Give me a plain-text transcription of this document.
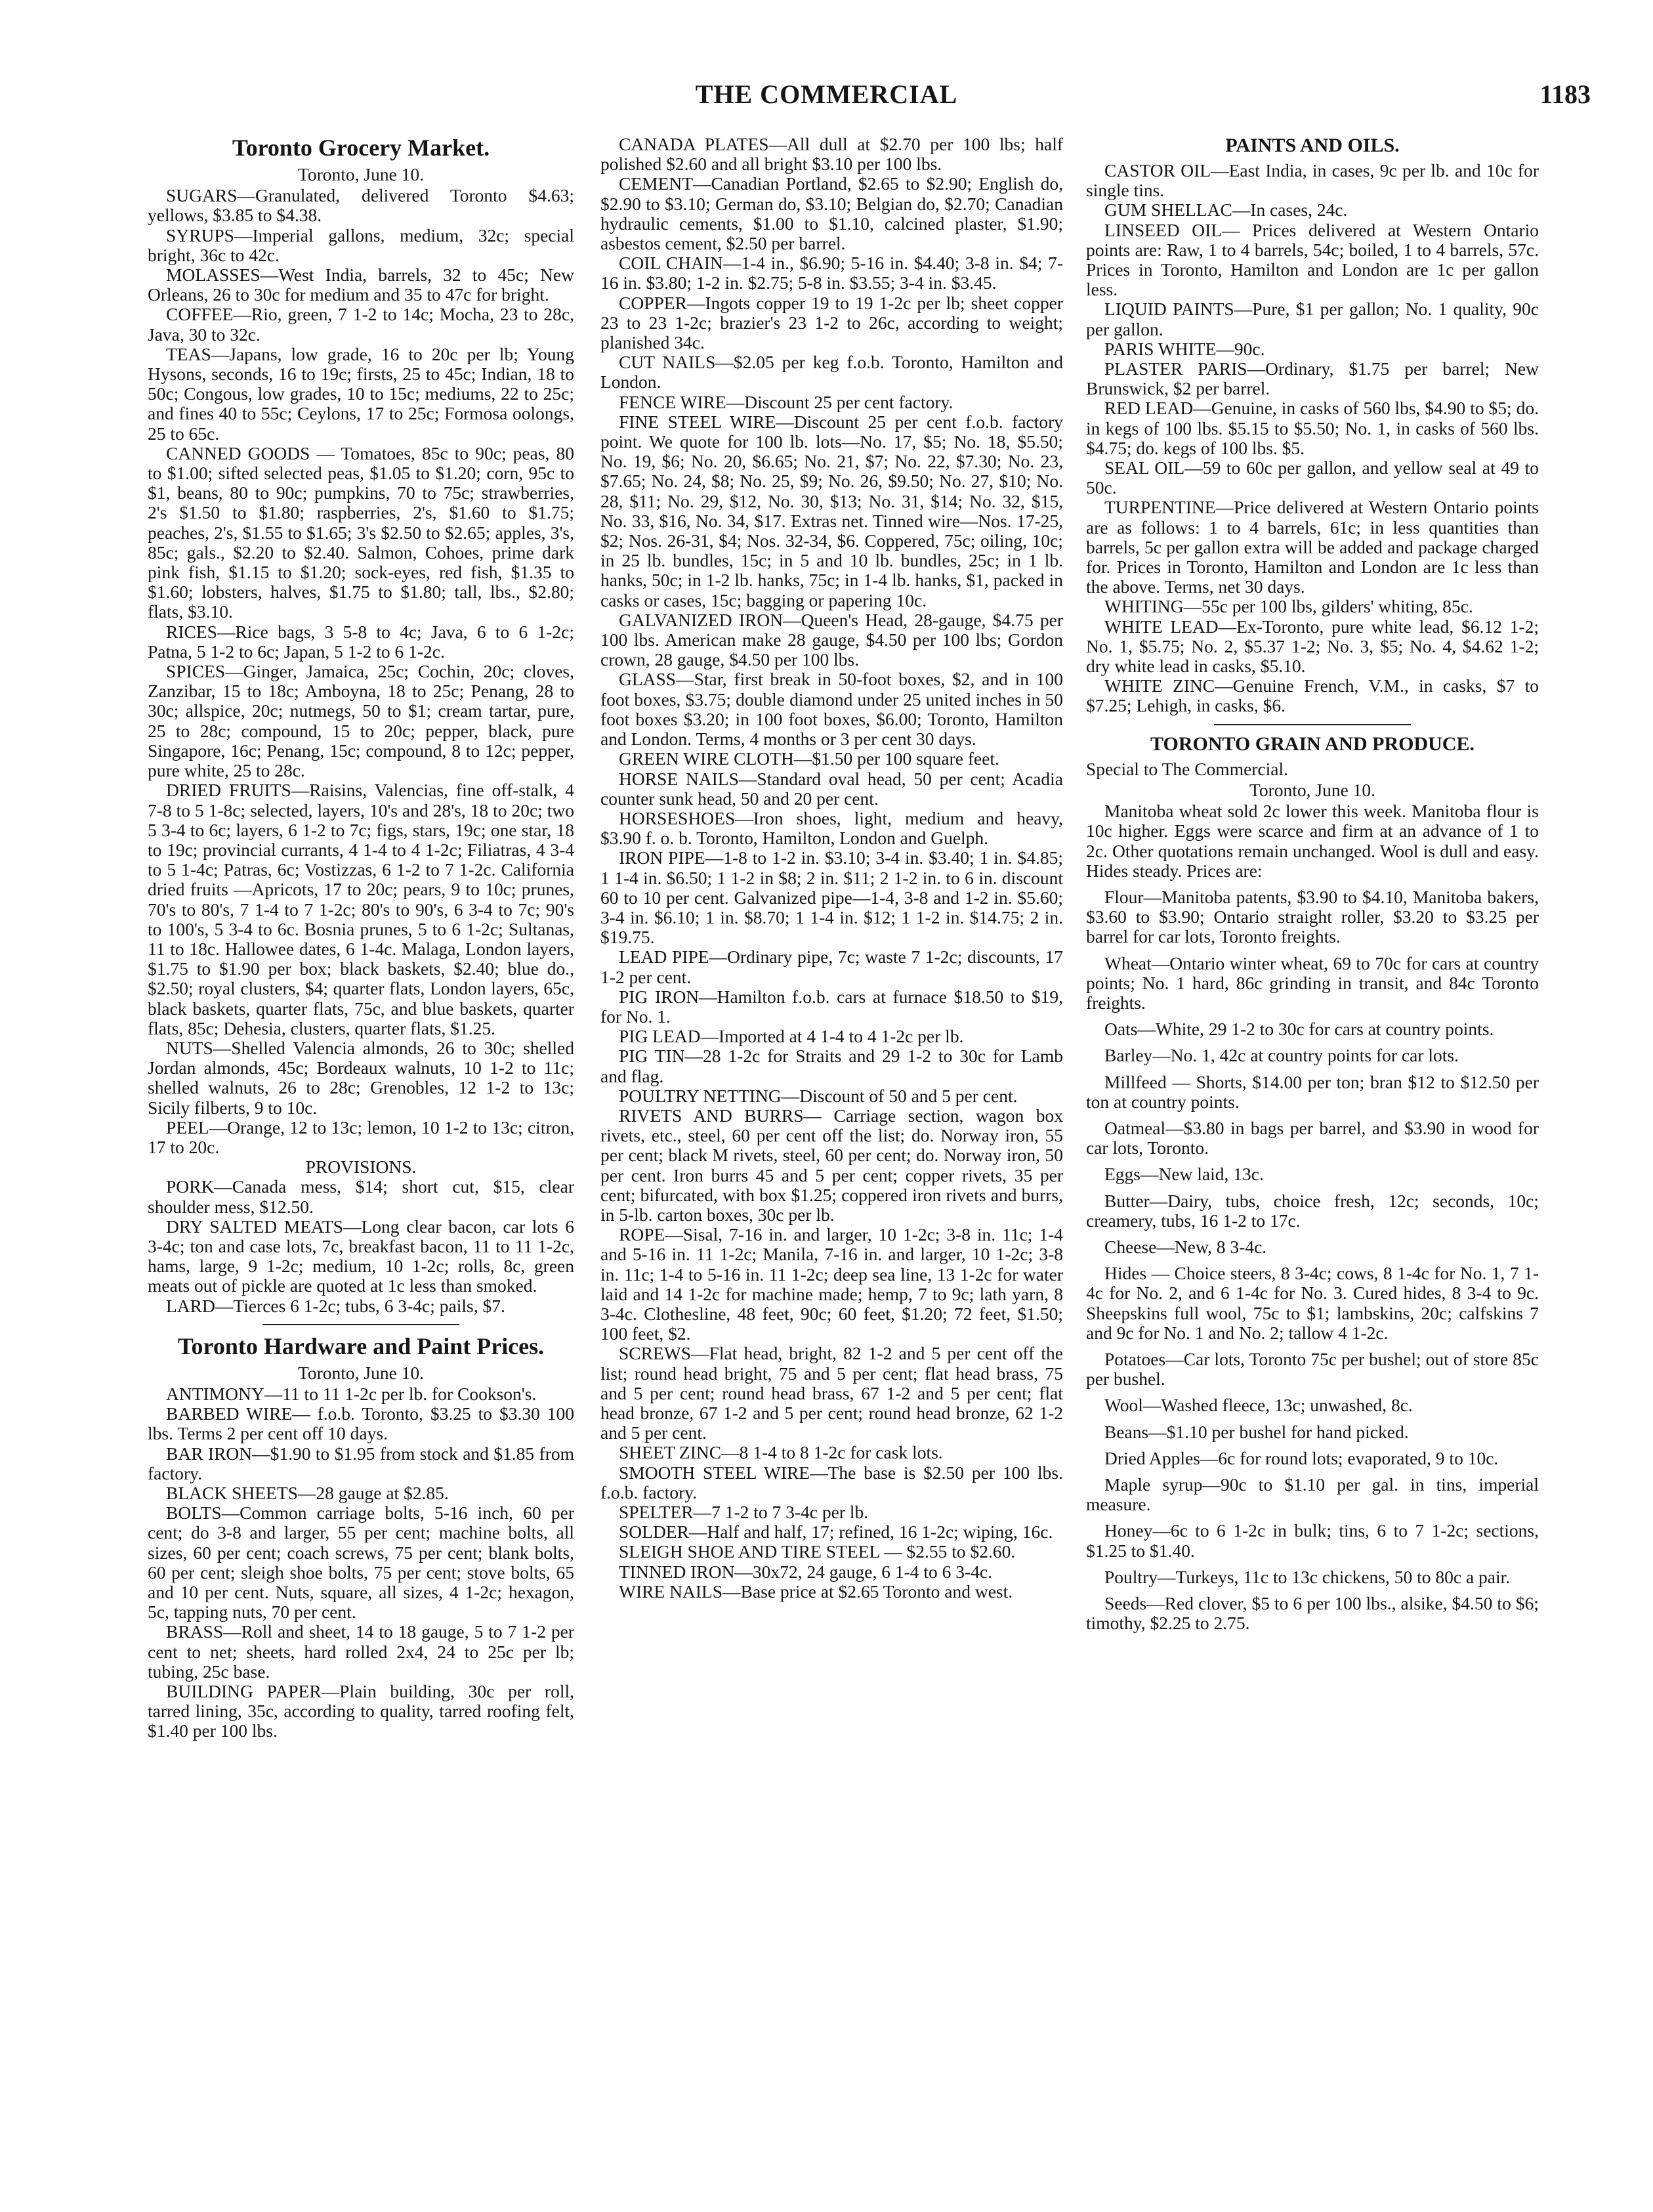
THE COMMERCIAL	1183
Toronto Grocery Market.
Toronto, June 10.

SUGARS—Granulated, delivered Toronto $4.63; yellows, $3.85 to $4.38.

SYRUPS—Imperial gallons, medium, 32c; special bright, 36c to 42c.

MOLASSES—West India, barrels, 32 to 45c; New Orleans, 26 to 30c for medium and 35 to 47c for bright.

COFFEE—Rio, green, 7 1-2 to 14c; Mocha, 23 to 28c, Java, 30 to 32c.

TEAS—Japans, low grade, 16 to 20c per lb; Young Hysons, seconds, 16 to 19c; firsts, 25 to 45c; Indian, 18 to 50c; Congous, low grades, 10 to 15c; mediums, 22 to 25c; and fines 40 to 55c; Ceylons, 17 to 25c; Formosa oolongs, 25 to 65c.

CANNED GOODS — Tomatoes, 85c to 90c; peas, 80 to $1.00; sifted selected peas, $1.05 to $1.20; corn, 95c to $1, beans, 80 to 90c; pumpkins, 70 to 75c; strawberries, 2's $1.50 to $1.80; raspberries, 2's, $1.60 to $1.75; peaches, 2's, $1.55 to $1.65; 3's $2.50 to $2.65; apples, 3's, 85c; gals., $2.20 to $2.40. Salmon, Cohoes, prime dark pink fish, $1.15 to $1.20; sock-eyes, red fish, $1.35 to $1.60; lobsters, halves, $1.75 to $1.80; tall, lbs., $2.80; flats, $3.10.

RICES—Rice bags, 3 5-8 to 4c; Java, 6 to 6 1-2c; Patna, 5 1-2 to 6c; Japan, 5 1-2 to 6 1-2c.

SPICES—Ginger, Jamaica, 25c; Cochin, 20c; cloves, Zanzibar, 15 to 18c; Amboyna, 18 to 25c; Penang, 28 to 30c; allspice, 20c; nutmegs, 50 to $1; cream tartar, pure, 25 to 28c; compound, 15 to 20c; pepper, black, pure Singapore, 16c; Penang, 15c; compound, 8 to 12c; pepper, pure white, 25 to 28c.

DRIED FRUITS—Raisins, Valencias, fine off-stalk, 4 7-8 to 5 1-8c; selected, layers, 10's and 28's, 18 to 20c; two 5 3-4 to 6c; layers, 6 1-2 to 7c; figs, stars, 19c; one star, 18 to 19c; provincial currants, 4 1-4 to 4 1-2c; Filiatras, 4 3-4 to 5 1-4c; Patras, 6c; Vostizzas, 6 1-2 to 7 1-2c. California dried fruits —Apricots, 17 to 20c; pears, 9 to 10c; prunes, 70's to 80's, 7 1-4 to 7 1-2c; 80's to 90's, 6 3-4 to 7c; 90's to 100's, 5 3-4 to 6c. Bosnia prunes, 5 to 6 1-2c; Sultanas, 11 to 18c. Hallowee dates, 6 1-4c. Malaga, London layers, $1.75 to $1.90 per box; black baskets, $2.40; blue do., $2.50; royal clusters, $4; quarter flats, London layers, 65c, black baskets, quarter flats, 75c, and blue baskets, quarter flats, 85c; Dehesia, clusters, quarter flats, $1.25.

NUTS—Shelled Valencia almonds, 26 to 30c; shelled Jordan almonds, 45c; Bordeaux walnuts, 10 1-2 to 11c; shelled walnuts, 26 to 28c; Grenobles, 12 1-2 to 13c; Sicily filberts, 9 to 10c.

PEEL—Orange, 12 to 13c; lemon, 10 1-2 to 13c; citron, 17 to 20c.

PROVISIONS.

PORK—Canada mess, $14; short cut, $15, clear shoulder mess, $12.50.

DRY SALTED MEATS—Long clear bacon, car lots 6 3-4c; ton and case lots, 7c, breakfast bacon, 11 to 11 1-2c, hams, large, 9 1-2c; medium, 10 1-2c; rolls, 8c, green meats out of pickle are quoted at 1c less than smoked.

LARD—Tierces 6 1-2c; tubs, 6 3-4c; pails, $7.

Toronto Hardware and Paint Prices.
Toronto, June 10.

ANTIMONY—11 to 11 1-2c per lb. for Cookson's.

BARBED WIRE— f.o.b. Toronto, $3.25 to $3.30 100 lbs. Terms 2 per cent off 10 days.

BAR IRON—$1.90 to $1.95 from stock and $1.85 from factory.

BLACK SHEETS—28 gauge at $2.85.

BOLTS—Common carriage bolts, 5-16 inch, 60 per cent; do 3-8 and larger, 55 per cent; machine bolts, all sizes, 60 per cent; coach screws, 75 per cent; blank bolts, 60 per cent; sleigh shoe bolts, 75 per cent; stove bolts, 65 and 10 per cent. Nuts, square, all sizes, 4 1-2c; hexagon, 5c, tapping nuts, 70 per cent.

BRASS—Roll and sheet, 14 to 18 gauge, 5 to 7 1-2 per cent to net; sheets, hard rolled 2x4, 24 to 25c per lb; tubing, 25c base.

BUILDING PAPER—Plain building, 30c per roll, tarred lining, 35c, according to quality, tarred roofing felt, $1.40 per 100 lbs.

CANADA PLATES—All dull at $2.70 per 100 lbs; half polished $2.60 and all bright $3.10 per 100 lbs.

CEMENT—Canadian Portland, $2.65 to $2.90; English do, $2.90 to $3.10; German do, $3.10; Belgian do, $2.70; Canadian hydraulic cements, $1.00 to $1.10, calcined plaster, $1.90; asbestos cement, $2.50 per barrel.

COIL CHAIN—1-4 in., $6.90; 5-16 in. $4.40; 3-8 in. $4; 7-16 in. $3.80; 1-2 in. $2.75; 5-8 in. $3.55; 3-4 in. $3.45.

COPPER—Ingots copper 19 to 19 1-2c per lb; sheet copper 23 to 23 1-2c; brazier's 23 1-2 to 26c, according to weight; planished 34c.

CUT NAILS—$2.05 per keg f.o.b. Toronto, Hamilton and London.

FENCE WIRE—Discount 25 per cent factory.

FINE STEEL WIRE—Discount 25 per cent f.o.b. factory point. We quote for 100 lb. lots—No. 17, $5; No. 18, $5.50; No. 19, $6; No. 20, $6.65; No. 21, $7; No. 22, $7.30; No. 23, $7.65; No. 24, $8; No. 25, $9; No. 26, $9.50; No. 27, $10; No. 28, $11; No. 29, $12, No. 30, $13; No. 31, $14; No. 32, $15, No. 33, $16, No. 34, $17. Extras net. Tinned wire—Nos. 17-25, $2; Nos. 26-31, $4; Nos. 32-34, $6. Coppered, 75c; oiling, 10c; in 25 lb. bundles, 15c; in 5 and 10 lb. bundles, 25c; in 1 lb. hanks, 50c; in 1-2 lb. hanks, 75c; in 1-4 lb. hanks, $1, packed in casks or cases, 15c; bagging or papering 10c.

GALVANIZED IRON—Queen's Head, 28-gauge, $4.75 per 100 lbs. American make 28 gauge, $4.50 per 100 lbs; Gordon crown, 28 gauge, $4.50 per 100 lbs.

GLASS—Star, first break in 50-foot boxes, $2, and in 100 foot boxes, $3.75; double diamond under 25 united inches in 50 foot boxes $3.20; in 100 foot boxes, $6.00; Toronto, Hamilton and London. Terms, 4 months or 3 per cent 30 days.

GREEN WIRE CLOTH—$1.50 per 100 square feet.

HORSE NAILS—Standard oval head, 50 per cent; Acadia counter sunk head, 50 and 20 per cent.

HORSESHOES—Iron shoes, light, medium and heavy, $3.90 f. o. b. Toronto, Hamilton, London and Guelph.

IRON PIPE—1-8 to 1-2 in. $3.10; 3-4 in. $3.40; 1 in. $4.85; 1 1-4 in. $6.50; 1 1-2 in $8; 2 in. $11; 2 1-2 in. to 6 in. discount 60 to 10 per cent. Galvanized pipe—1-4, 3-8 and 1-2 in. $5.60; 3-4 in. $6.10; 1 in. $8.70; 1 1-4 in. $12; 1 1-2 in. $14.75; 2 in. $19.75.

LEAD PIPE—Ordinary pipe, 7c; waste 7 1-2c; discounts, 17 1-2 per cent.

PIG IRON—Hamilton f.o.b. cars at furnace $18.50 to $19, for No. 1.

PIG LEAD—Imported at 4 1-4 to 4 1-2c per lb.

PIG TIN—28 1-2c for Straits and 29 1-2 to 30c for Lamb and flag.

POULTRY NETTING—Discount of 50 and 5 per cent.

RIVETS AND BURRS— Carriage section, wagon box rivets, etc., steel, 60 per cent off the list; do. Norway iron, 55 per cent; black M rivets, steel, 60 per cent; do. Norway iron, 50 per cent. Iron burrs 45 and 5 per cent; copper rivets, 35 per cent; bifurcated, with box $1.25; coppered iron rivets and burrs, in 5-lb. carton boxes, 30c per lb.

ROPE—Sisal, 7-16 in. and larger, 10 1-2c; 3-8 in. 11c; 1-4 and 5-16 in. 11 1-2c; Manila, 7-16 in. and larger, 10 1-2c; 3-8 in. 11c; 1-4 to 5-16 in. 11 1-2c; deep sea line, 13 1-2c for water laid and 14 1-2c for machine made; hemp, 7 to 9c; lath yarn, 8 3-4c. Clothesline, 48 feet, 90c; 60 feet, $1.20; 72 feet, $1.50; 100 feet, $2.

SCREWS—Flat head, bright, 82 1-2 and 5 per cent off the list; round head bright, 75 and 5 per cent; flat head brass, 75 and 5 per cent; round head brass, 67 1-2 and 5 per cent; flat head bronze, 67 1-2 and 5 per cent; round head bronze, 62 1-2 and 5 per cent.

SHEET ZINC—8 1-4 to 8 1-2c for cask lots.

SMOOTH STEEL WIRE—The base is $2.50 per 100 lbs. f.o.b. factory.

SPELTER—7 1-2 to 7 3-4c per lb.

SOLDER—Half and half, 17; refined, 16 1-2c; wiping, 16c.

SLEIGH SHOE AND TIRE STEEL — $2.55 to $2.60.

TINNED IRON—30x72, 24 gauge, 6 1-4 to 6 3-4c.

WIRE NAILS—Base price at $2.65 Toronto and west.

PAINTS AND OILS.

CASTOR OIL—East India, in cases, 9c per lb. and 10c for single tins.

GUM SHELLAC—In cases, 24c.

LINSEED OIL— Prices delivered at Western Ontario points are: Raw, 1 to 4 barrels, 54c; boiled, 1 to 4 barrels, 57c. Prices in Toronto, Hamilton and London are 1c per gallon less.

LIQUID PAINTS—Pure, $1 per gallon; No. 1 quality, 90c per gallon.

PARIS WHITE—90c.

PLASTER PARIS—Ordinary, $1.75 per barrel; New Brunswick, $2 per barrel.

RED LEAD—Genuine, in casks of 560 lbs, $4.90 to $5; do. in kegs of 100 lbs. $5.15 to $5.50; No. 1, in casks of 560 lbs. $4.75; do. kegs of 100 lbs. $5.

SEAL OIL—59 to 60c per gallon, and yellow seal at 49 to 50c.

TURPENTINE—Price delivered at Western Ontario points are as follows: 1 to 4 barrels, 61c; in less quantities than barrels, 5c per gallon extra will be added and package charged for. Prices in Toronto, Hamilton and London are 1c less than the above. Terms, net 30 days.

WHITING—55c per 100 lbs, gilders' whiting, 85c.

WHITE LEAD—Ex-Toronto, pure white lead, $6.12 1-2; No. 1, $5.75; No. 2, $5.37 1-2; No. 3, $5; No. 4, $4.62 1-2; dry white lead in casks, $5.10.

WHITE ZINC—Genuine French, V.M., in casks, $7 to $7.25; Lehigh, in casks, $6.

TORONTO GRAIN AND PRODUCE.
Special to The Commercial.
Toronto, June 10.

Manitoba wheat sold 2c lower this week. Manitoba flour is 10c higher. Eggs were scarce and firm at an advance of 1 to 2c. Other quotations remain unchanged. Wool is dull and easy. Hides steady. Prices are:

Flour—Manitoba patents, $3.90 to $4.10, Manitoba bakers, $3.60 to $3.90; Ontario straight roller, $3.20 to $3.25 per barrel for car lots, Toronto freights.

Wheat—Ontario winter wheat, 69 to 70c for cars at country points; No. 1 hard, 86c grinding in transit, and 84c Toronto freights.

Oats—White, 29 1-2 to 30c for cars at country points.

Barley—No. 1, 42c at country points for car lots.

Millfeed — Shorts, $14.00 per ton; bran $12 to $12.50 per ton at country points.

Oatmeal—$3.80 in bags per barrel, and $3.90 in wood for car lots, Toronto.

Eggs—New laid, 13c.

Butter—Dairy, tubs, choice fresh, 12c; seconds, 10c; creamery, tubs, 16 1-2 to 17c.

Cheese—New, 8 3-4c.

Hides — Choice steers, 8 3-4c; cows, 8 1-4c for No. 1, 7 1-4c for No. 2, and 6 1-4c for No. 3. Cured hides, 8 3-4 to 9c. Sheepskins full wool, 75c to $1; lambskins, 20c; calfskins 7 and 9c for No. 1 and No. 2; tallow 4 1-2c.

Potatoes—Car lots, Toronto 75c per bushel; out of store 85c per bushel.

Wool—Washed fleece, 13c; unwashed, 8c.

Beans—$1.10 per bushel for hand picked.

Dried Apples—6c for round lots; evaporated, 9 to 10c.

Maple syrup—90c to $1.10 per gal. in tins, imperial measure.

Honey—6c to 6 1-2c in bulk; tins, 6 to 7 1-2c; sections, $1.25 to $1.40.

Poultry—Turkeys, 11c to 13c chickens, 50 to 80c a pair.

Seeds—Red clover, $5 to 6 per 100 lbs., alsike, $4.50 to $6; timothy, $2.25 to 2.75.
